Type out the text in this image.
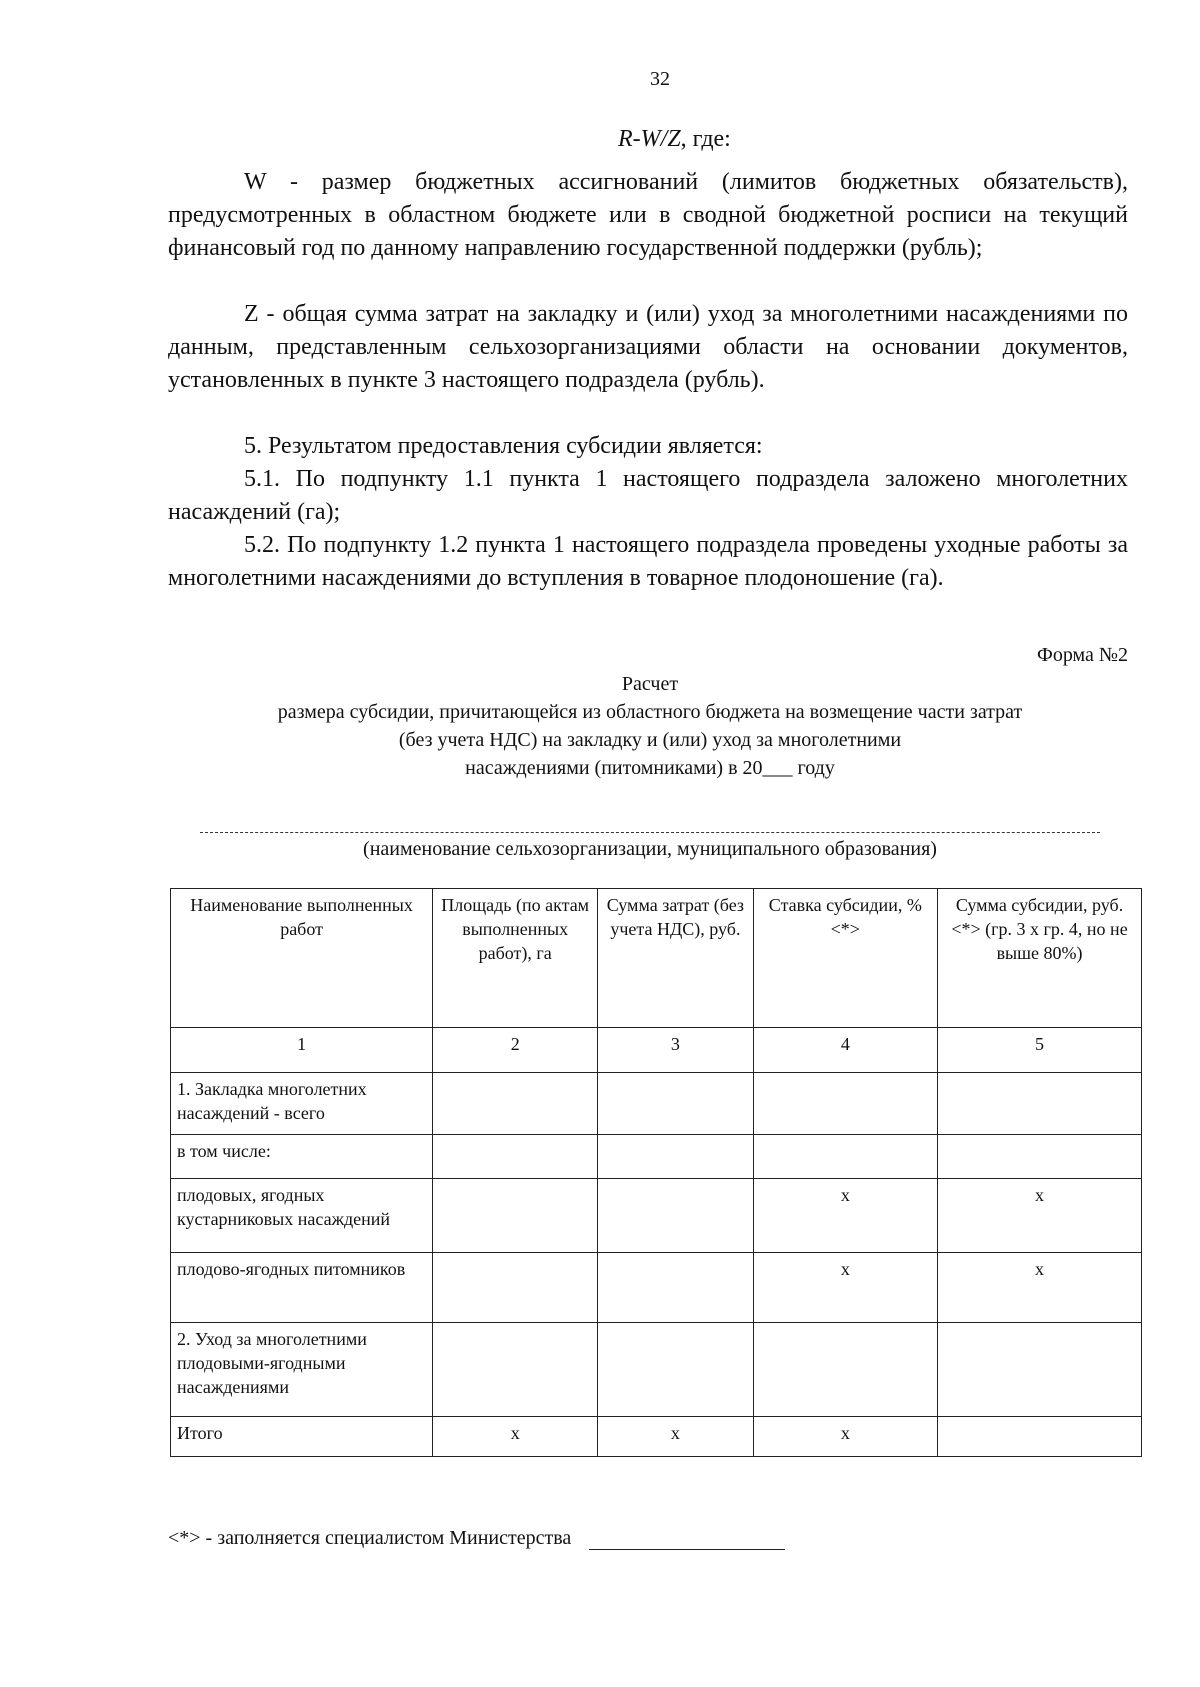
32
R-W/Z, где:
W - размер бюджетных ассигнований (лимитов бюджетных обязательств), предусмотренных в областном бюджете или в сводной бюджетной росписи на текущий финансовый год по данному направлению государственной поддержки (рубль);
Z - общая сумма затрат на закладку и (или) уход за многолетними насаждениями по данным, представленным сельхозорганизациями области на основании документов, установленных в пункте 3 настоящего подраздела (рубль).
5. Результатом предоставления субсидии является:
5.1. По подпункту 1.1 пункта 1 настоящего подраздела заложено многолетних насаждений (га);
5.2. По подпункту 1.2 пункта 1 настоящего подраздела проведены уходные работы за многолетними насаждениями до вступления в товарное плодоношение (га).
Форма №2
Расчет
размера субсидии, причитающейся из областного бюджета на возмещение части затрат
(без учета НДС) на закладку и (или) уход за многолетними
насаждениями (питомниками) в 20___ году
(наименование сельхозорганизации, муниципального образования)
Наименование выполненных работ	Площадь (по актам выполненных работ), га	Сумма затрат (без учета НДС), руб.	Ставка субсидии, % <*>	Сумма субсидии, руб. <*> (гр. 3 x гр. 4, но не выше 80%)
1	2	3	4	5
1. Закладка многолетних насаждений - всего				
в том числе:				
плодовых, ягодных кустарниковых насаждений			x	x
плодово-ягодных питомников			x	x
2. Уход за многолетними плодовыми-ягодными насаждениями				
Итого	x	x	x	
<*> - заполняется специалистом Министерства
